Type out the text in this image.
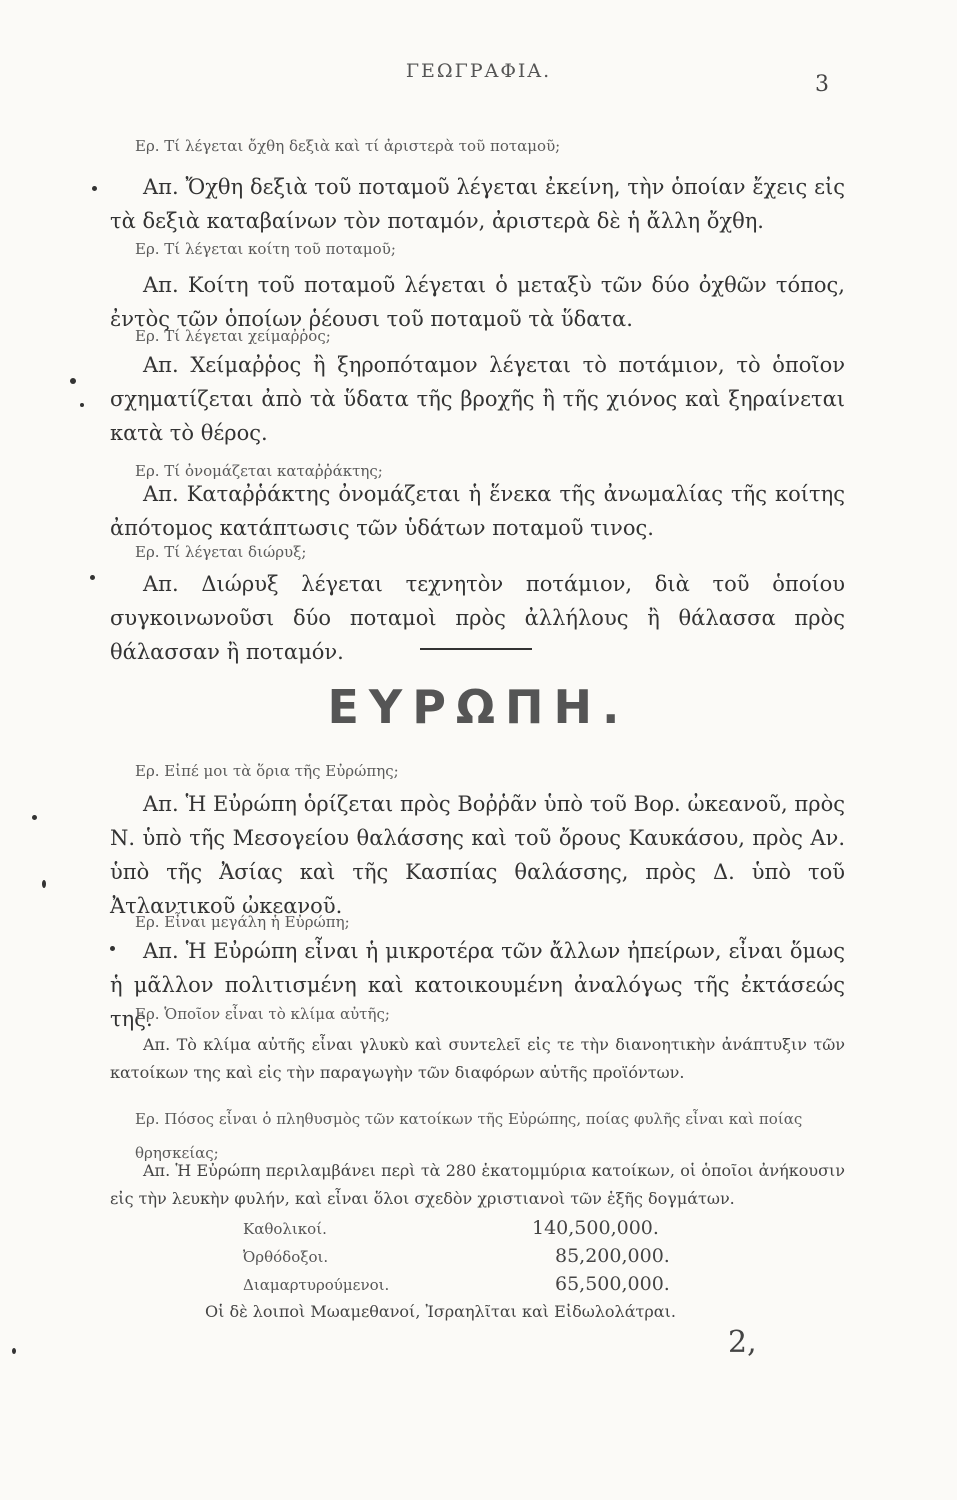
ΓΕΩΓΡΑΦΙΑ.
3
Ερ. Τί λέγεται ὄχθη δεξιὰ καὶ τί ἀριστερὰ τοῦ ποταμοῦ;
Απ. Ὄχθη δεξιὰ τοῦ ποταμοῦ λέγεται ἐκείνη, τὴν ὁποίαν ἔχεις εἰς τὰ δεξιὰ καταβαίνων τὸν ποταμόν, ἀριστερὰ δὲ ἡ ἄλλη ὄχθη.
Ερ. Τί λέγεται κοίτη τοῦ ποταμοῦ;
Απ. Κοίτη τοῦ ποταμοῦ λέγεται ὁ μεταξὺ τῶν δύο ὀχθῶν τόπος, ἐντὸς τῶν ὁποίων ῥέουσι τοῦ ποταμοῦ τὰ ὕδατα.
Ερ. Τί λέγεται χείμαῤῥος;
Απ. Χείμαῤῥος ἢ ξηροπόταμον λέγεται τὸ ποτάμιον, τὸ ὁποῖον σχηματίζεται ἀπὸ τὰ ὕδατα τῆς βροχῆς ἢ τῆς χιόνος καὶ ξηραίνεται κατὰ τὸ θέρος.
Ερ. Τί ὀνομάζεται καταῤῥάκτης;
Απ. Καταῤῥάκτης ὀνομάζεται ἡ ἕνεκα τῆς ἀνωμαλίας τῆς κοίτης ἀπότομος κατάπτωσις τῶν ὑδάτων ποταμοῦ τινος.
Ερ. Τί λέγεται διώρυξ;
Απ. Διώρυξ λέγεται τεχνητὸν ποτάμιον, διὰ τοῦ ὁποίου συγκοινωνοῦσι δύο ποταμοὶ πρὸς ἀλλήλους ἢ θάλασσα πρὸς θάλασσαν ἢ ποταμόν.
ΕΥΡΩΠΗ.
Ερ. Εἰπέ μοι τὰ ὅρια τῆς Εὐρώπης;
Απ. Ἡ Εὐρώπη ὁρίζεται πρὸς Βοῤῥᾶν ὑπὸ τοῦ Βορ. ὠκεανοῦ, πρὸς Ν. ὑπὸ τῆς Μεσογείου θαλάσσης καὶ τοῦ ὄρους Καυκάσου, πρὸς Αν. ὑπὸ τῆς Ἀσίας καὶ τῆς Κασπίας θαλάσσης, πρὸς Δ. ὑπὸ τοῦ Ἀτλαντικοῦ ὠκεανοῦ.
Ερ. Εἶναι μεγάλη ἡ Εὐρώπη;
Απ. Ἡ Εὐρώπη εἶναι ἡ μικροτέρα τῶν ἄλλων ἠπείρων, εἶναι ὅμως ἡ μᾶλλον πολιτισμένη καὶ κατοικουμένη ἀναλόγως τῆς ἐκτάσεώς της.
Ερ. Ὁποῖον εἶναι τὸ κλίμα αὐτῆς;
Απ. Τὸ κλίμα αὐτῆς εἶναι γλυκὺ καὶ συντελεῖ εἰς τε τὴν διανοητικὴν ἀνάπτυξιν τῶν κατοίκων της καὶ εἰς τὴν παραγωγὴν τῶν διαφόρων αὐτῆς προϊόντων.
Ερ. Πόσος εἶναι ὁ πληθυσμὸς τῶν κατοίκων τῆς Εὐρώπης, ποίας φυλῆς εἶναι καὶ ποίας θρησκείας;
Απ. Ἡ Εὐρώπη περιλαμβάνει περὶ τὰ 280 ἑκατομμύρια κατοίκων, οἱ ὁποῖοι ἀνήκουσιν εἰς τὴν λευκὴν φυλήν, καὶ εἶναι ὅλοι σχεδὸν χριστιανοὶ τῶν ἑξῆς δογμάτων.
Καθολικοί.	140,500,000.
Ὀρθόδοξοι.	85,200,000.
Διαμαρτυρούμενοι.	65,500,000.
Οἱ δὲ λοιποὶ Μωαμεθανοί, Ἰσραηλῖται καὶ Εἰδωλολάτραι.
2,
